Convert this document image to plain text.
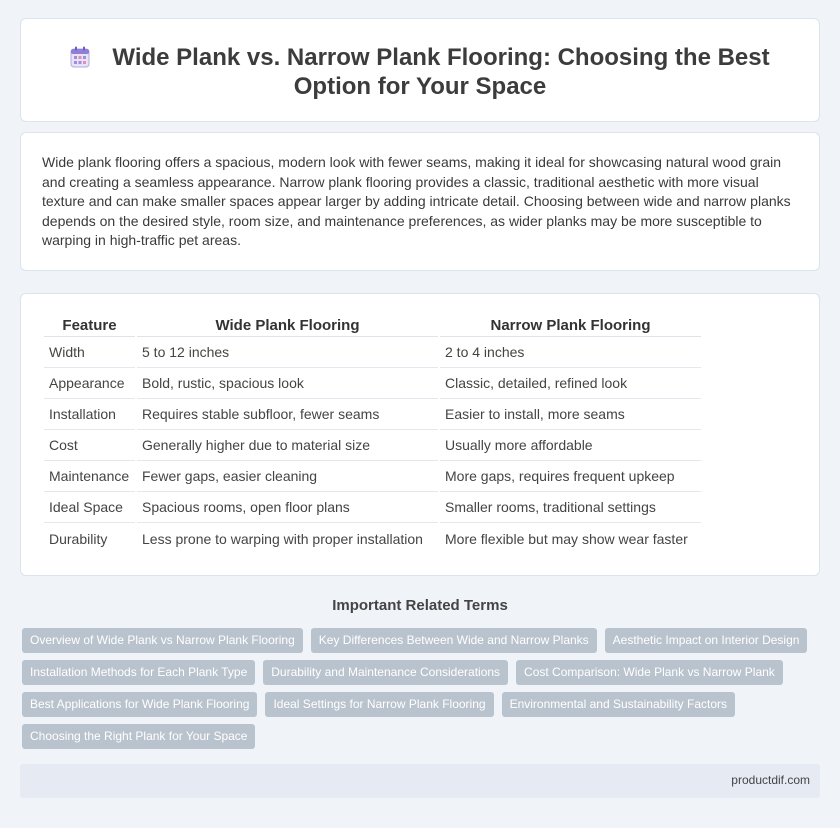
Wide Plank vs. Narrow Plank Flooring: Choosing the Best Option for Your Space

Wide plank flooring offers a spacious, modern look with fewer seams, making it ideal for showcasing natural wood grain and creating a seamless appearance. Narrow plank flooring provides a classic, traditional aesthetic with more visual texture and can make smaller spaces appear larger by adding intricate detail. Choosing between wide and narrow planks depends on the desired style, room size, and maintenance preferences, as wider planks may be more susceptible to warping in high-traffic pet areas.

Feature	Wide Plank Flooring	Narrow Plank Flooring
Width	5 to 12 inches	2 to 4 inches
Appearance	Bold, rustic, spacious look	Classic, detailed, refined look
Installation	Requires stable subfloor, fewer seams	Easier to install, more seams
Cost	Generally higher due to material size	Usually more affordable
Maintenance	Fewer gaps, easier cleaning	More gaps, requires frequent upkeep
Ideal Space	Spacious rooms, open floor plans	Smaller rooms, traditional settings
Durability	Less prone to warping with proper installation	More flexible but may show wear faster
Important Related Terms
Overview of Wide Plank vs Narrow Plank Flooring	Key Differences Between Wide and Narrow Planks	Aesthetic Impact on Interior Design
Installation Methods for Each Plank Type	Durability and Maintenance Considerations	Cost Comparison: Wide Plank vs Narrow Plank
Best Applications for Wide Plank Flooring	Ideal Settings for Narrow Plank Flooring	Environmental and Sustainability Factors
Choosing the Right Plank for Your Space
productdif.com
